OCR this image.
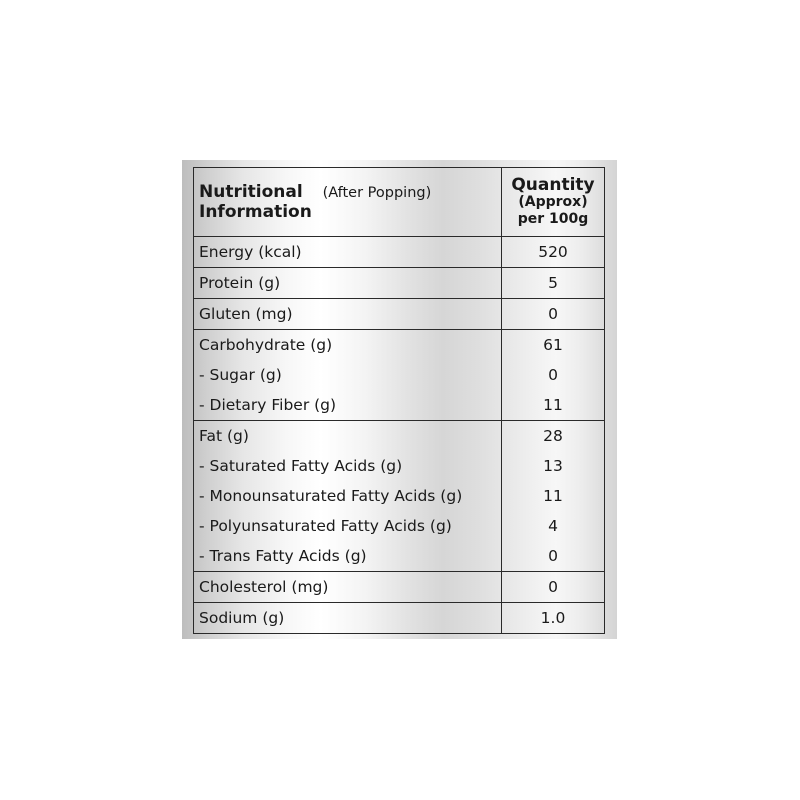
Nutritional (After Popping)
Information	Quantity
(Approx)
per 100g

Energy (kcal)	520
Protein (g)	5
Gluten (mg)	0
Carbohydrate (g)	61
- Sugar (g)	0
- Dietary Fiber (g)	11
Fat (g)	28
- Saturated Fatty Acids (g)	13
- Monounsaturated Fatty Acids (g)	11
- Polyunsaturated Fatty Acids (g)	4
- Trans Fatty Acids (g)	0
Cholesterol (mg)	0
Sodium (g)	1.0
